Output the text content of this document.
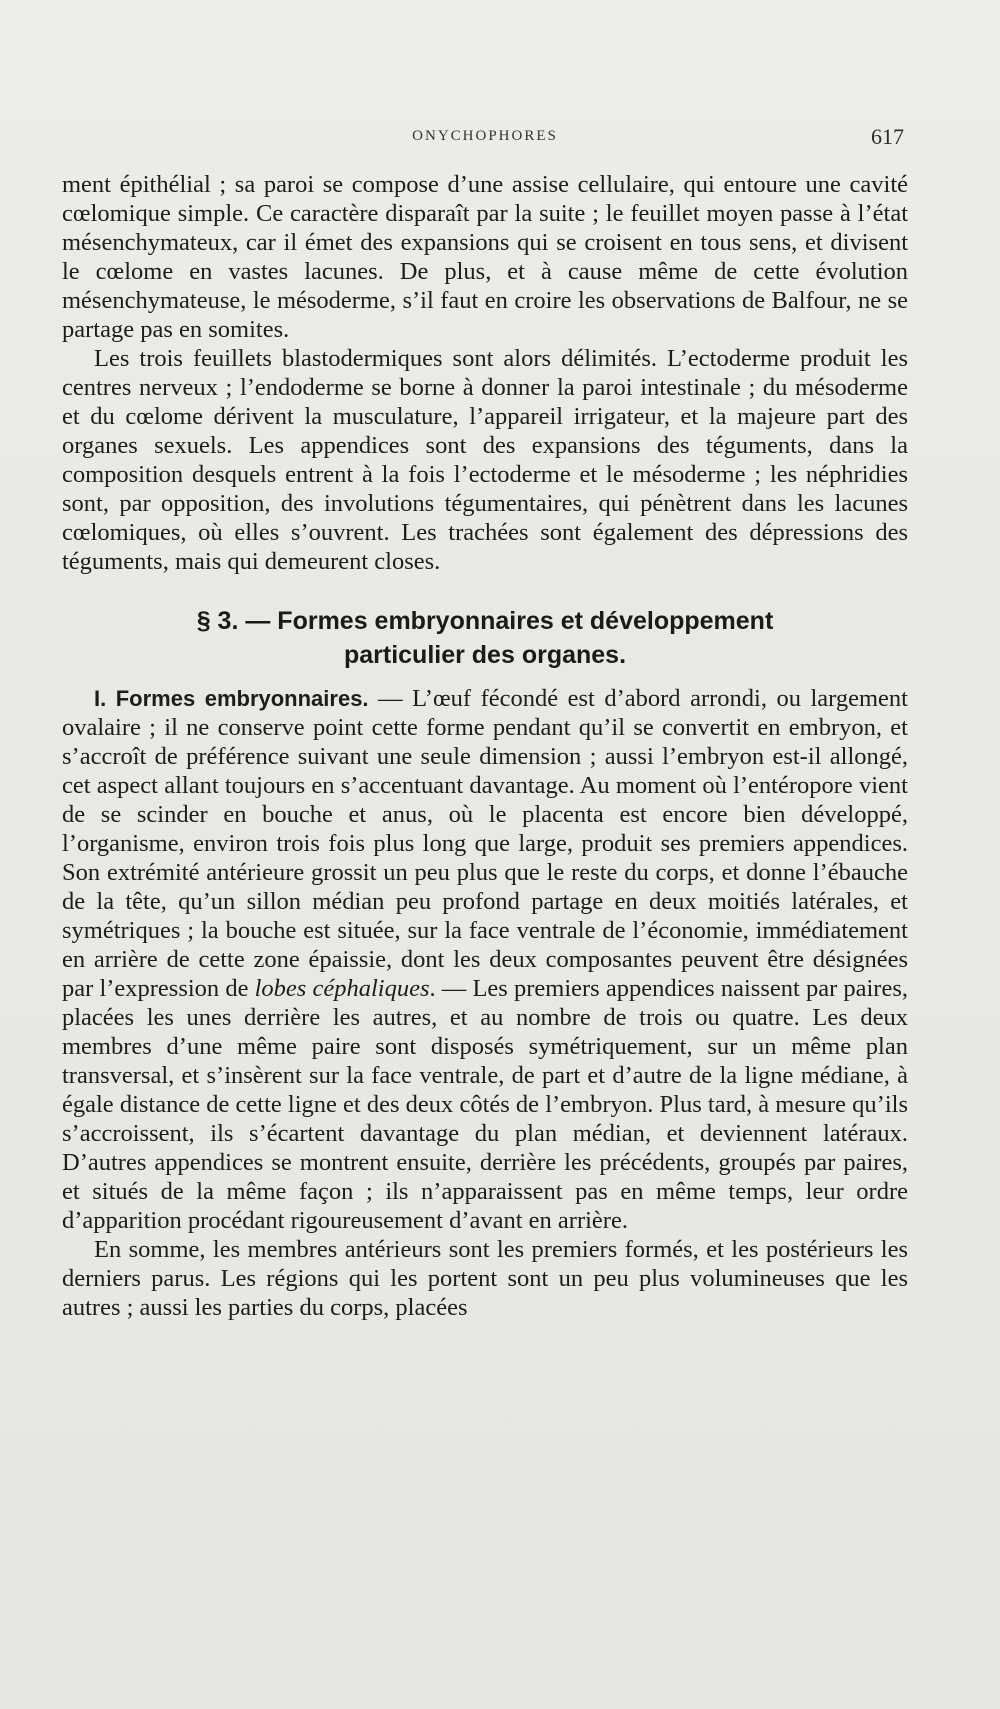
ONYCHOPHORES	617

ment épithélial ; sa paroi se compose d’une assise cellulaire, qui entoure une cavité cœlomique simple. Ce caractère disparaît par la suite ; le feuillet moyen passe à l’état mésenchymateux, car il émet des expansions qui se croisent en tous sens, et divisent le cœlome en vastes lacunes. De plus, et à cause même de cette évolution mésenchymateuse, le mésoderme, s’il faut en croire les observations de Balfour, ne se partage pas en somites.

Les trois feuillets blastodermiques sont alors délimités. L’ectoderme produit les centres nerveux ; l’endoderme se borne à donner la paroi intestinale ; du mésoderme et du cœlome dérivent la musculature, l’appareil irrigateur, et la majeure part des organes sexuels. Les appendices sont des expansions des téguments, dans la composition desquels entrent à la fois l’ectoderme et le mésoderme ; les néphridies sont, par opposition, des involutions tégumentaires, qui pénètrent dans les lacunes cœlomiques, où elles s’ouvrent. Les trachées sont également des dépressions des téguments, mais qui demeurent closes.

§ 3. — Formes embryonnaires et développement
particulier des organes.

I. Formes embryonnaires. — L’œuf fécondé est d’abord arrondi, ou largement ovalaire ; il ne conserve point cette forme pendant qu’il se convertit en embryon, et s’accroît de préférence suivant une seule dimension ; aussi l’embryon est-il allongé, cet aspect allant toujours en s’accentuant davantage. Au moment où l’entéropore vient de se scinder en bouche et anus, où le placenta est encore bien développé, l’organisme, environ trois fois plus long que large, produit ses premiers appendices. Son extrémité antérieure grossit un peu plus que le reste du corps, et donne l’ébauche de la tête, qu’un sillon médian peu profond partage en deux moitiés latérales, et symétriques ; la bouche est située, sur la face ventrale de l’économie, immédiatement en arrière de cette zone épaissie, dont les deux composantes peuvent être désignées par l’expression de lobes céphaliques. — Les premiers appendices naissent par paires, placées les unes derrière les autres, et au nombre de trois ou quatre. Les deux membres d’une même paire sont disposés symétriquement, sur un même plan transversal, et s’insèrent sur la face ventrale, de part et d’autre de la ligne médiane, à égale distance de cette ligne et des deux côtés de l’embryon. Plus tard, à mesure qu’ils s’accroissent, ils s’écartent davantage du plan médian, et deviennent latéraux. D’autres appendices se montrent ensuite, derrière les précédents, groupés par paires, et situés de la même façon ; ils n’apparaissent pas en même temps, leur ordre d’apparition procédant rigoureusement d’avant en arrière.

En somme, les membres antérieurs sont les premiers formés, et les postérieurs les derniers parus. Les régions qui les portent sont un peu plus volumineuses que les autres ; aussi les parties du corps, placées
